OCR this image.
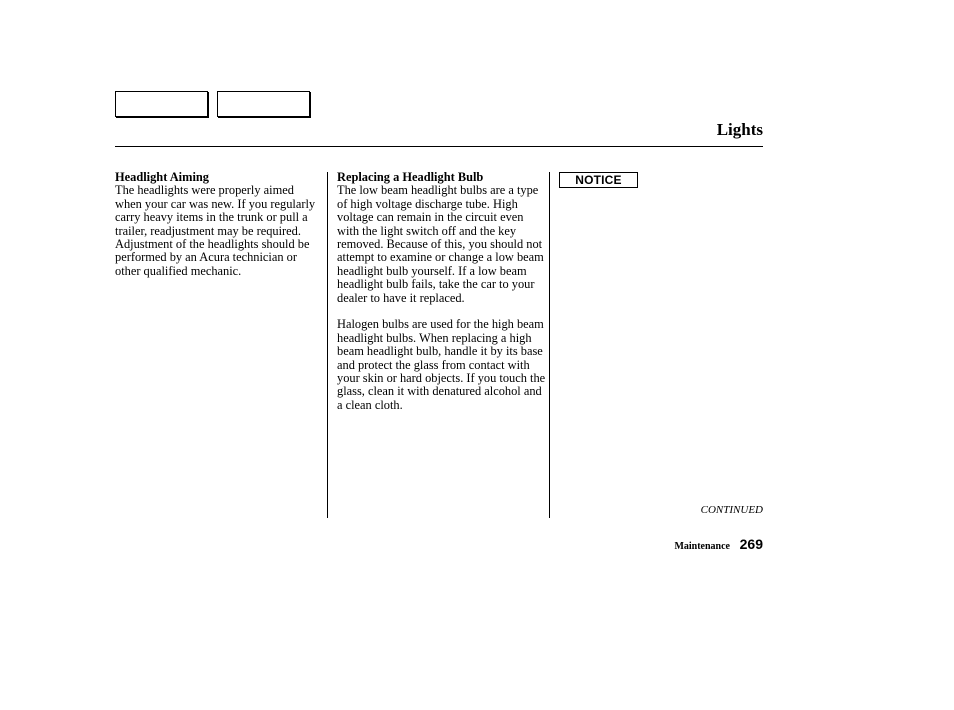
Lights
Headlight Aiming

The headlights were properly aimed when your car was new. If you regularly carry heavy items in the trunk or pull a trailer, readjustment may be required. Adjustment of the headlights should be performed by an Acura technician or other qualified mechanic.

Replacing a Headlight Bulb

The low beam headlight bulbs are a type of high voltage discharge tube. High voltage can remain in the circuit even with the light switch off and the key removed. Because of this, you should not attempt to examine or change a low beam headlight bulb yourself. If a low beam headlight bulb fails, take the car to your dealer to have it replaced.

Halogen bulbs are used for the high beam headlight bulbs. When replacing a high beam headlight bulb, handle it by its base and protect the glass from contact with your skin or hard objects. If you touch the glass, clean it with denatured alcohol and a clean cloth.

NOTICE
CONTINUED
Maintenance 269
